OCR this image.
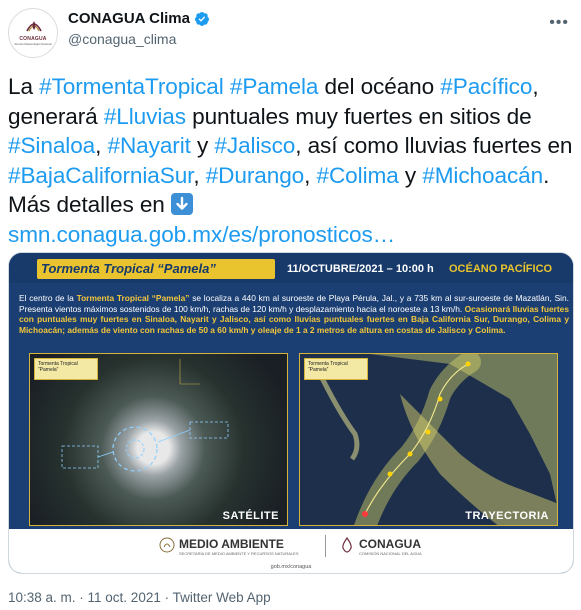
CONAGUA
Servicio Meteorológico Nacional
CONAGUA Clima
@conagua_clima
•••
La #TormentaTropical #Pamela del océano #Pacífico, generará #Lluvias puntuales muy fuertes en sitios de #Sinaloa, #Nayarit y #Jalisco, así como lluvias fuertes en #BajaCaliforniaSur, #Durango, #Colima y #Michoacán. Más detalles en
smn.conagua.gob.mx/es/pronosticos…
Tormenta Tropical “Pamela”	11/OCTUBRE/2021 – 10:00 h OCÉANO PACÍFICO
El centro de la Tormenta Tropical “Pamela” se localiza a 440 km al suroeste de Playa Pérula, Jal., y a 735 km al sur-suroeste de Mazatlán, Sin. Presenta vientos máximos sostenidos de 100 km/h, rachas de 120 km/h y desplazamiento hacia el noroeste a 13 km/h. Ocasionará lluvias fuertes con puntuales muy fuertes en Sinaloa, Nayarit y Jalisco, así como lluvias puntuales fuertes en Baja California Sur, Durango, Colima y Michoacán; además de viento con rachas de 50 a 60 km/h y oleaje de 1 a 2 metros de altura en costas de Jalisco y Colima.
Tormenta Tropical “Pamela”
SATÉLITE
Tormenta Tropical “Pamela”
TRAYECTORIA
MEDIO AMBIENTE
SECRETARÍA DE MEDIO AMBIENTE Y RECURSOS NATURALES
CONAGUA
COMISIÓN NACIONAL DEL AGUA
gob.mx/conagua
10:38 a. m. · 11 oct. 2021 · Twitter Web App
